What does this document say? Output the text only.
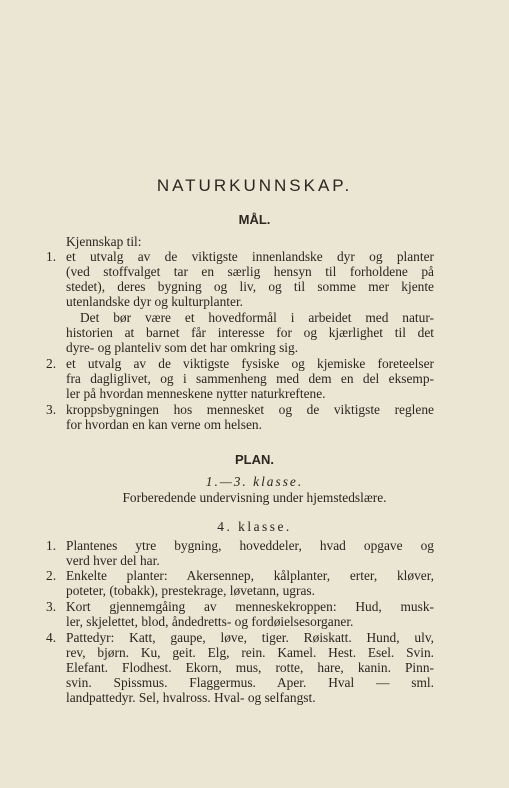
NATURKUNNSKAP.
MÅL.
Kjennskap til:
1. et utvalg av de viktigste innenlandske dyr og planter
(ved stoffvalget tar en særlig hensyn til forholdene på
stedet), deres bygning og liv, og til somme mer kjente
utenlandske dyr og kulturplanter.
Det bør være et hovedformål i arbeidet med natur-
historien at barnet får interesse for og kjærlighet til det
dyre- og planteliv som det har omkring sig.
2. et utvalg av de viktigste fysiske og kjemiske foreteelser
fra dagliglivet, og i sammenheng med dem en del eksemp-
ler på hvordan menneskene nytter naturkreftene.
3. kroppsbygningen hos mennesket og de viktigste reglene
for hvordan en kan verne om helsen.
PLAN.
1.—3. klasse.
Forberedende undervisning under hjemstedslære.
4. klasse.
1. Plantenes ytre bygning, hoveddeler, hvad opgave og
verd hver del har.
2. Enkelte planter: Akersennep, kålplanter, erter, kløver,
poteter, (tobakk), prestekrage, løvetann, ugras.
3. Kort gjennemgåing av menneskekroppen: Hud, musk-
ler, skjelettet, blod, åndedretts- og fordøielsesorganer.
4. Pattedyr: Katt, gaupe, løve, tiger. Røiskatt. Hund, ulv,
rev, bjørn. Ku, geit. Elg, rein. Kamel. Hest. Esel. Svin.
Elefant. Flodhest. Ekorn, mus, rotte, hare, kanin. Pinn-
svin. Spissmus. Flaggermus. Aper. Hval — sml.
landpattedyr. Sel, hvalross. Hval- og selfangst.
